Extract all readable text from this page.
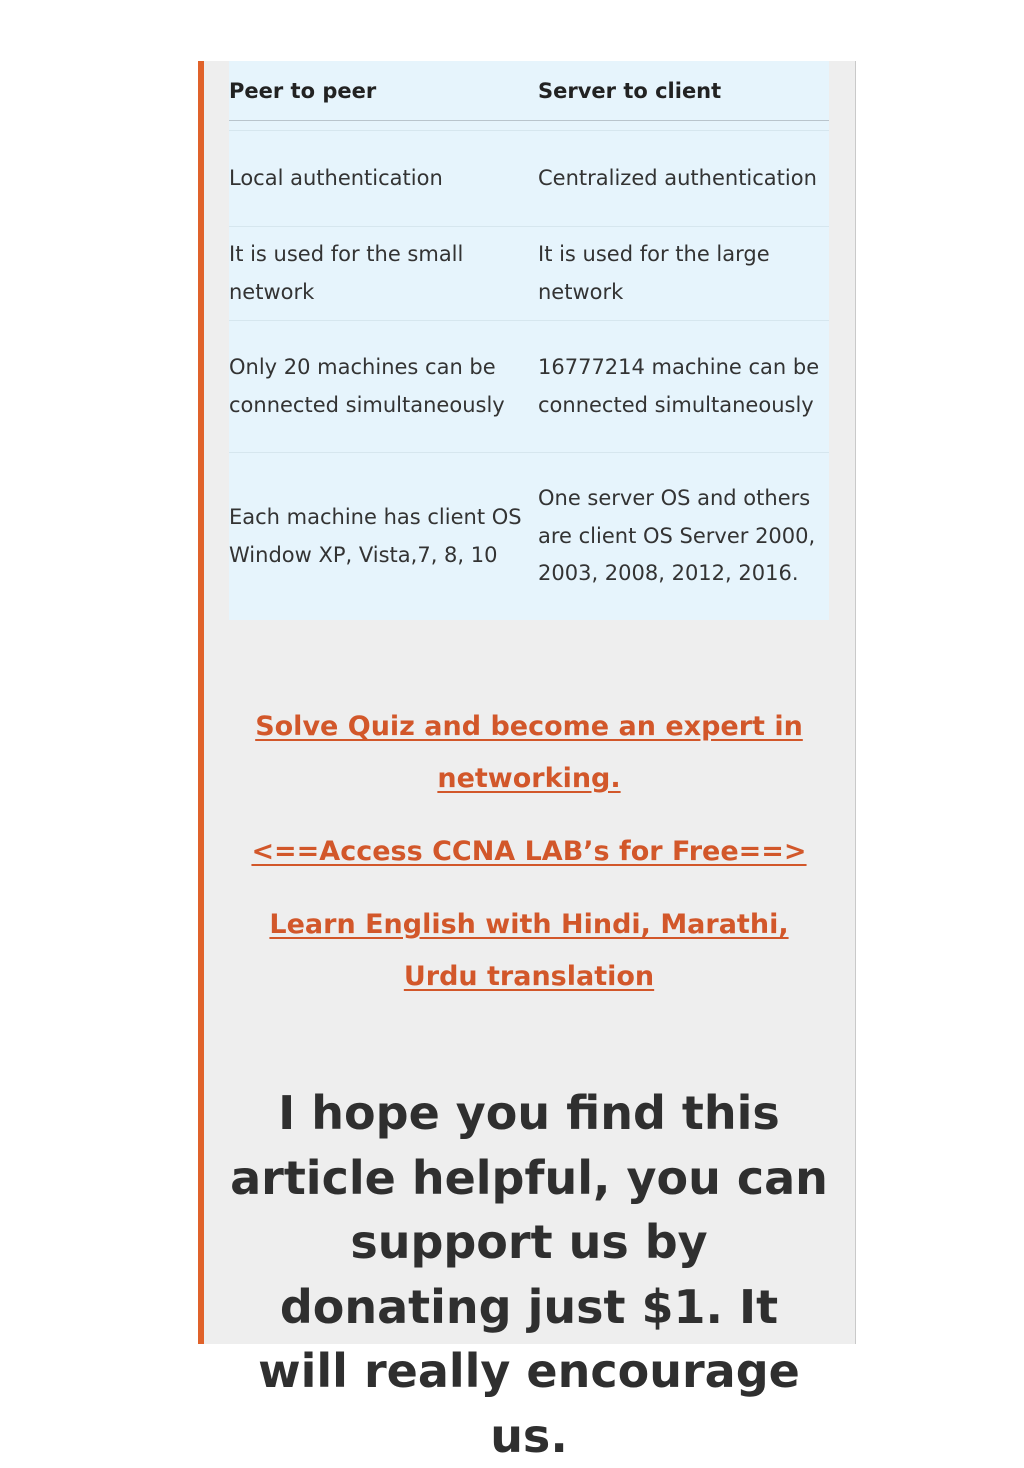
Peer to peer	Server to client

Local authentication	Centralized authentication
It is used for the small network	It is used for the large network
Only 20 machines can be connected simultaneously	16777214 machine can be connected simultaneously
Each machine has client OS Window XP, Vista,7, 8, 10	One server OS and others are client OS Server 2000, 2003, 2008, 2012, 2016.
Solve Quiz and become an expert in networking.
<==Access CCNA LAB’s for Free==>
Learn English with Hindi, Marathi, Urdu translation
I hope you find this article helpful, you can support us by donating just $1. It will really encourage us.
